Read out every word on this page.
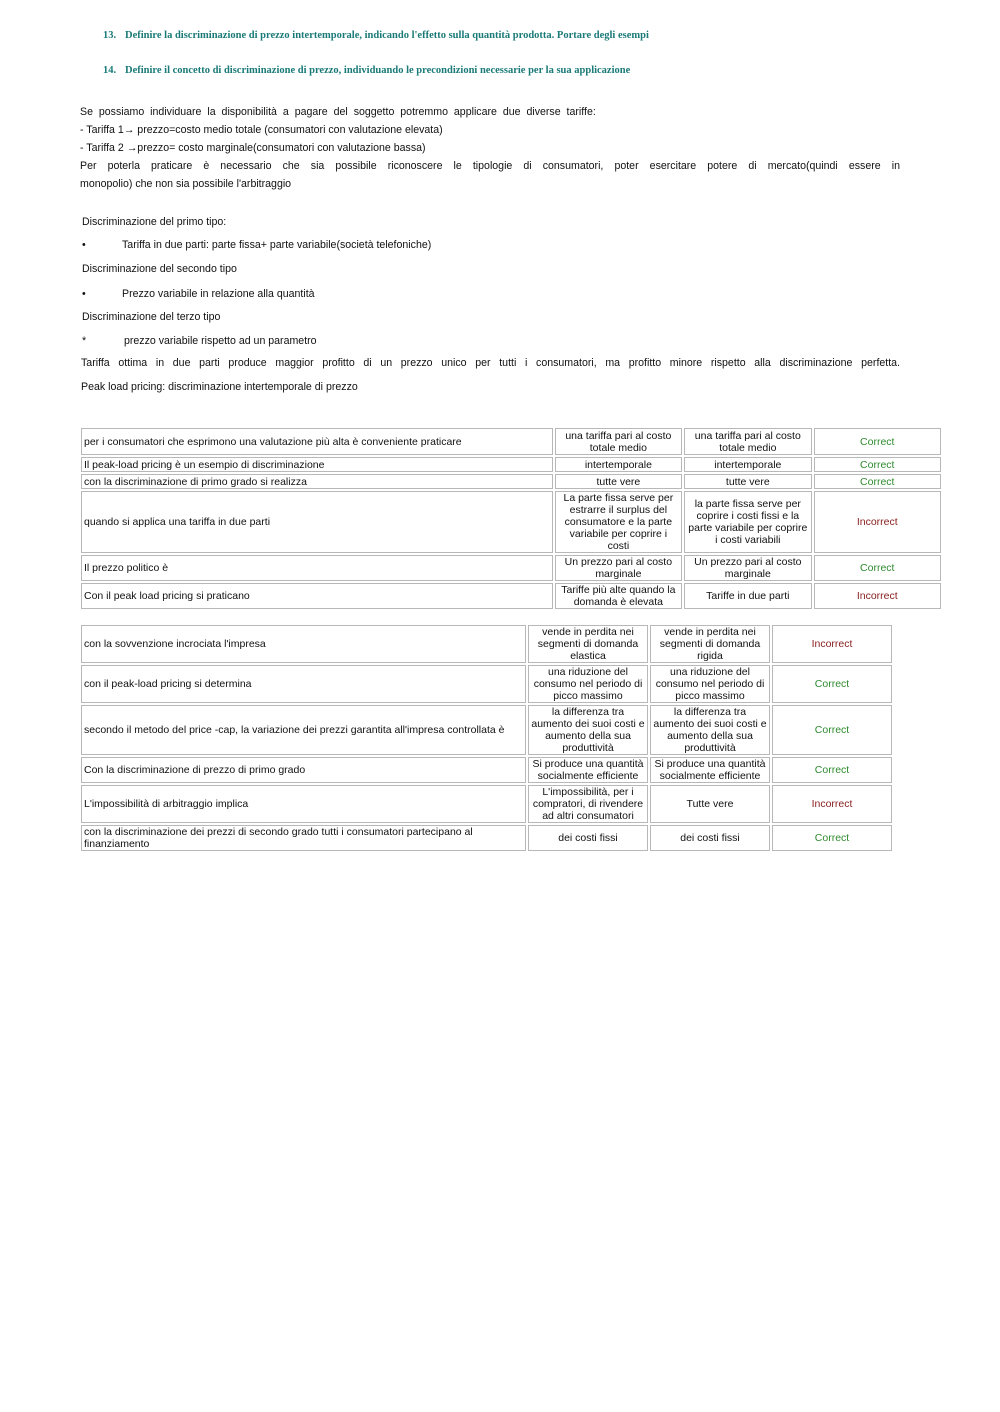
13. Definire la discriminazione di prezzo intertemporale, indicando l'effetto sulla quantità prodotta. Portare degli esempi
14. Definire il concetto di discriminazione di prezzo, individuando le precondizioni necessarie per la sua applicazione
Se possiamo individuare la disponibilità a pagare del soggetto potremmo applicare due diverse tariffe:
- Tariffa 1→ prezzo=costo medio totale (consumatori con valutazione elevata)
- Tariffa 2 →prezzo= costo marginale(consumatori con valutazione bassa)
Per poterla praticare è necessario che sia possibile riconoscere le tipologie di consumatori, poter esercitare potere di mercato(quindi essere in
monopolio) che non sia possibile l'arbitraggio
Discriminazione del primo tipo:
•	Tariffa in due parti: parte fissa+ parte variabile(società telefoniche)
Discriminazione del secondo tipo
•	Prezzo variabile in relazione alla quantità
Discriminazione del terzo tipo
*	prezzo variabile rispetto ad un parametro
Tariffa ottima in due parti produce maggior profitto di un prezzo unico per tutti i consumatori, ma profitto minore rispetto alla discriminazione perfetta.
Peak load pricing: discriminazione intertemporale di prezzo
per i consumatori che esprimono una valutazione più alta è conveniente praticare	una tariffa pari al costo totale medio	una tariffa pari al costo totale medio	Correct
Il peak-load pricing è un esempio di discriminazione	intertemporale	intertemporale	Correct
con la discriminazione di primo grado si realizza	tutte vere	tutte vere	Correct
quando si applica una tariffa in due parti	La parte fissa serve per estrarre il surplus del consumatore e la parte variabile per coprire i costi	la parte fissa serve per coprire i costi fissi e la parte variabile per coprire i costi variabili	Incorrect
Il prezzo politico è	Un prezzo pari al costo marginale	Un prezzo pari al costo marginale	Correct
Con il peak load pricing si praticano	Tariffe più alte quando la domanda è elevata	Tariffe in due parti	Incorrect
con la sovvenzione incrociata l'impresa	vende in perdita nei segmenti di domanda elastica	vende in perdita nei segmenti di domanda rigida	Incorrect
con il peak-load pricing si determina	una riduzione del consumo nel periodo di picco massimo	una riduzione del consumo nel periodo di picco massimo	Correct
secondo il metodo del price -cap, la variazione dei prezzi garantita all'impresa controllata è	la differenza tra aumento dei suoi costi e aumento della sua produttività	la differenza tra aumento dei suoi costi e aumento della sua produttività	Correct
Con la discriminazione di prezzo di primo grado	Si produce una quantità socialmente efficiente	Si produce una quantità socialmente efficiente	Correct
L'impossibilità di arbitraggio implica	L'impossibilità, per i compratori, di rivendere ad altri consumatori	Tutte vere	Incorrect
con la discriminazione dei prezzi di secondo grado tutti i consumatori partecipano al finanziamento	dei costi fissi	dei costi fissi	Correct
